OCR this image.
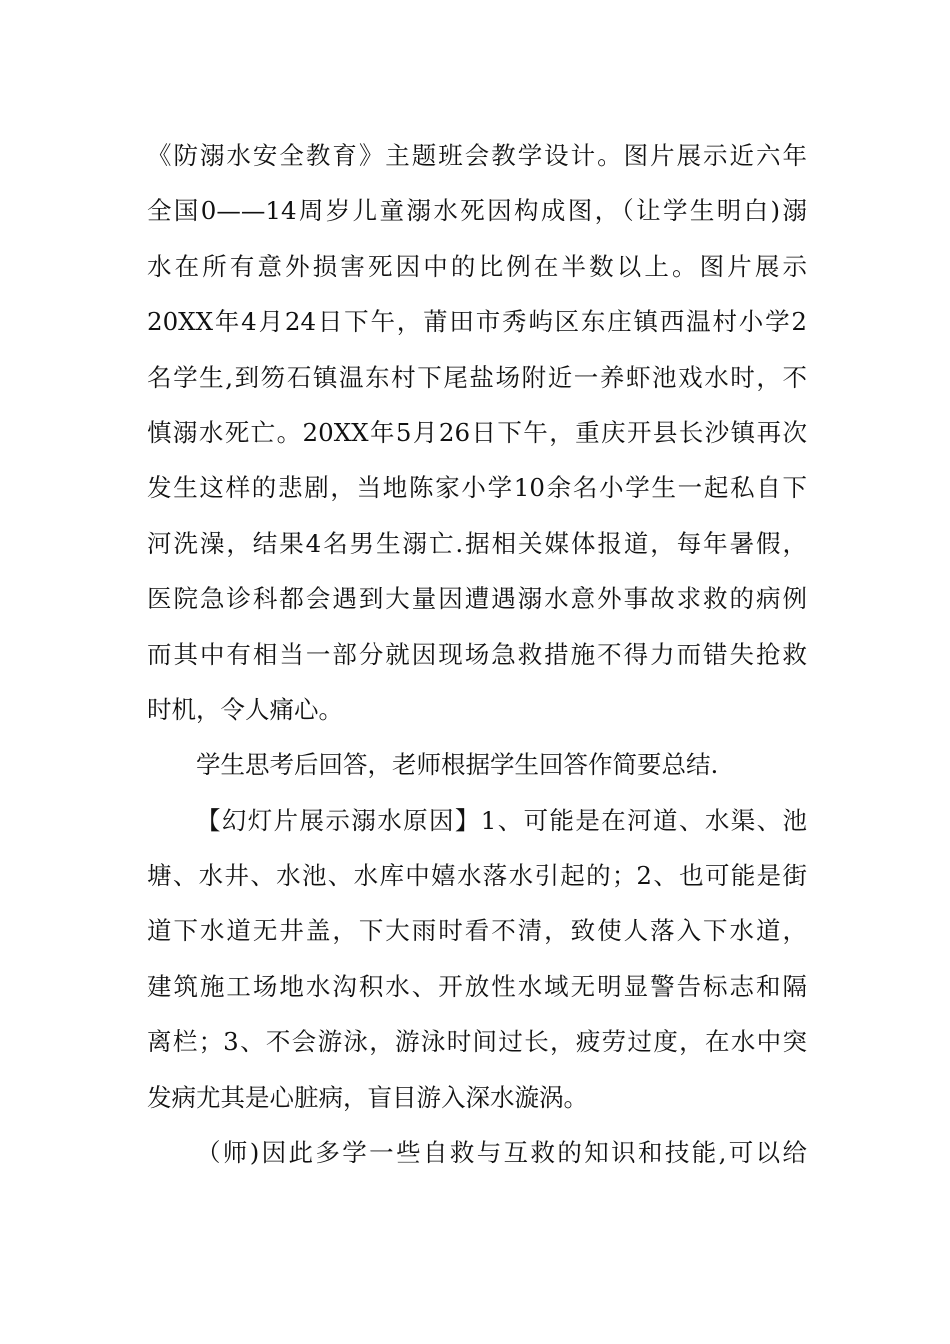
《防溺水安全教育》主题班会教学设计。图片展示近六年
全国0——14周岁儿童溺水死因构成图，（让学生明白)溺
水在所有意外损害死因中的比例在半数以上。图片展示
20XX年4月24日下午，莆田市秀屿区东庄镇西温村小学2
名学生,到笏石镇温东村下尾盐场附近一养虾池戏水时，不
慎溺水死亡。20XX年5月26日下午，重庆开县长沙镇再次
发生这样的悲剧，当地陈家小学10余名小学生一起私自下
河洗澡，结果4名男生溺亡.据相关媒体报道，每年暑假，
医院急诊科都会遇到大量因遭遇溺水意外事故求救的病例
而其中有相当一部分就因现场急救措施不得力而错失抢救
时机，令人痛心。
学生思考后回答，老师根据学生回答作简要总结.
【幻灯片展示溺水原因】1、可能是在河道、水渠、池
塘、水井、水池、水库中嬉水落水引起的；2、也可能是街
道下水道无井盖，下大雨时看不清，致使人落入下水道，
建筑施工场地水沟积水、开放性水域无明显警告标志和隔
离栏；3、不会游泳，游泳时间过长，疲劳过度，在水中突
发病尤其是心脏病，盲目游入深水漩涡。
（师)因此多学一些自救与互救的知识和技能,可以给
